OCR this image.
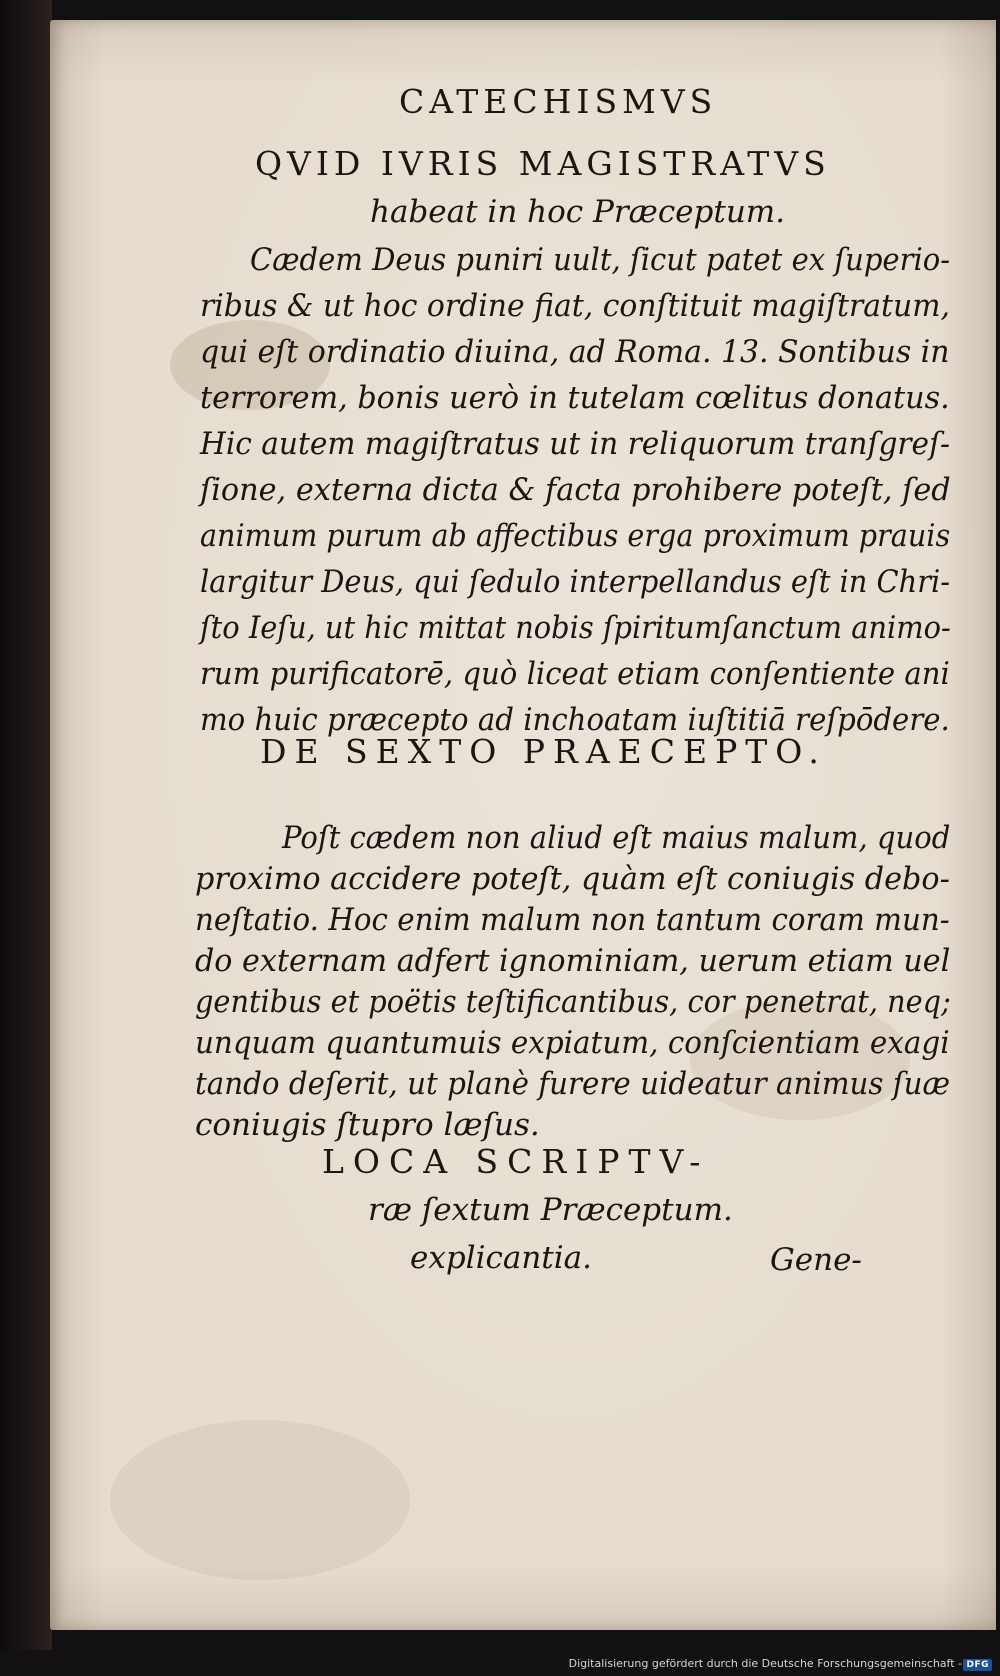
CATECHISMVS
QVID IVRIS MAGISTRATVS
habeat in hoc Præceptum.
Cædem Deus puniri uult, ſicut patet ex ſuperio-
ribus & ut hoc ordine fiat, conſtituit magiſtratum,
qui eſt ordinatio diuina, ad Roma. 13. Sontibus in
terrorem, bonis uerò in tutelam cœlitus donatus.
Hic autem magiſtratus ut in reliquorum tranſgreſ-
ſione, externa dicta & facta prohibere poteſt, ſed
animum purum ab affectibus erga proximum prauis
largitur Deus, qui ſedulo interpellandus eſt in Chri-
ſto Ieſu, ut hic mittat nobis ſpiritumſanctum animo-
rum purificatorē, quò liceat etiam conſentiente ani
mo huic præcepto ad inchoatam iuſtitiā reſpōdere.
DE SEXTO PRAECEPTO.
Poſt cædem non aliud eſt maius malum, quod
proximo accidere poteſt, quàm eſt coniugis debo-
neſtatio. Hoc enim malum non tantum coram mun-
do externam adfert ignominiam, uerum etiam uel
gentibus et poëtis teſtificantibus, cor penetrat, neq;
unquam quantumuis expiatum, conſcientiam exagi
tando deſerit, ut planè furere uideatur animus ſuæ
coniugis ſtupro læſus.
LOCA SCRIPTV-
ræ ſextum Præceptum.
explicantia.	Gene-
Digitalisierung gefördert durch die Deutsche Forschungsgemeinschaft - DFG
